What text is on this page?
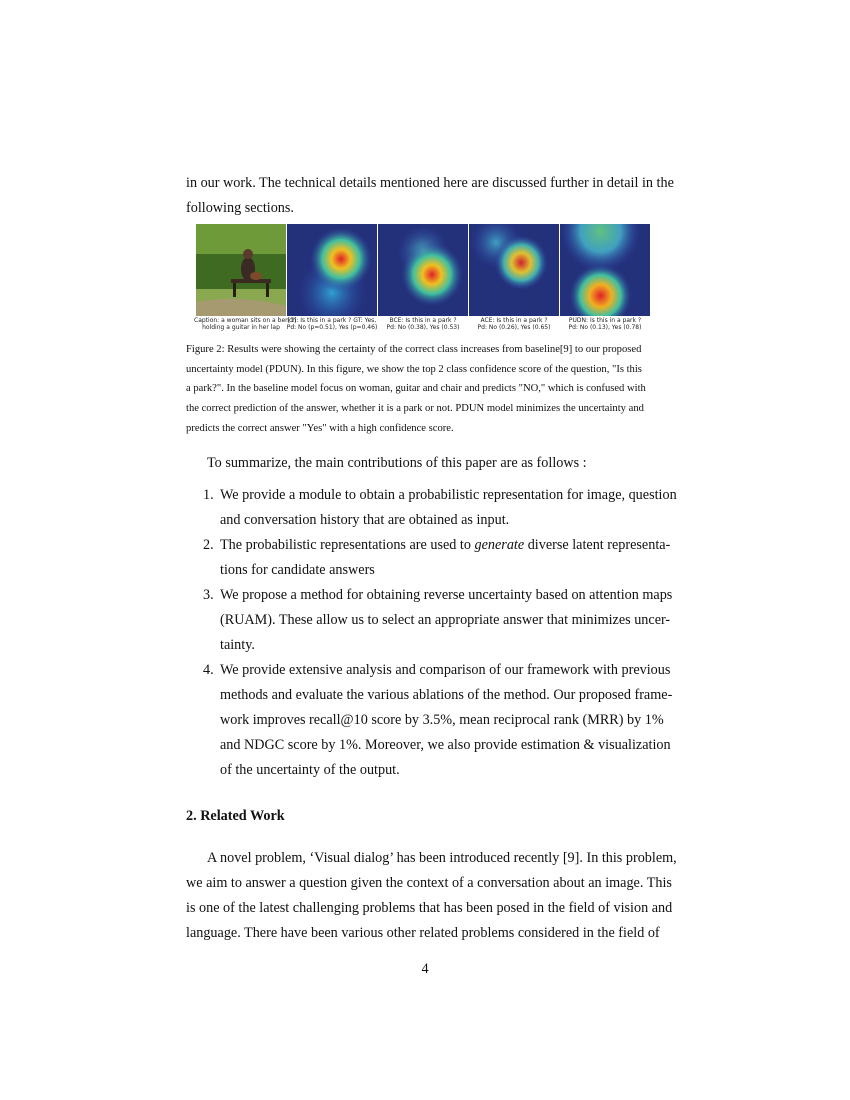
in our work. The technical details mentioned here are discussed further in detail in the
following sections.

Caption: a woman sits on a bench
holding a guitar in her lap
[1]: Is this in a park ? GT: Yes,
Pd: No (p=0.51), Yes (p=0.46)
BCE: Is this in a park ?
Pd: No (0.38), Yes (0.53)
ACE: Is this in a park ?
Pd: No (0.26), Yes (0.65)
PUDN: Is this in a park ?
Pd: No (0.13), Yes (0.78)

Figure 2: Results were showing the certainty of the correct class increases from baseline[9] to our proposed
uncertainty model (PDUN). In this figure, we show the top 2 class confidence score of the question, "Is this
a park?". In the baseline model focus on woman, guitar and chair and predicts "NO," which is confused with
the correct prediction of the answer, whether it is a park or not. PDUN model minimizes the uncertainty and
predicts the correct answer "Yes" with a high confidence score.

To summarize, the main contributions of this paper are as follows :

1. We provide a module to obtain a probabilistic representation for image, question
and conversation history that are obtained as input.
2. The probabilistic representations are used to generate diverse latent representa-
tions for candidate answers
3. We propose a method for obtaining reverse uncertainty based on attention maps
(RUAM). These allow us to select an appropriate answer that minimizes uncer-
tainty.
4. We provide extensive analysis and comparison of our framework with previous
methods and evaluate the various ablations of the method. Our proposed frame-
work improves recall@10 score by 3.5%, mean reciprocal rank (MRR) by 1%
and NDGC score by 1%. Moreover, we also provide estimation & visualization
of the uncertainty of the output.
2. Related Work

A novel problem, ‘Visual dialog’ has been introduced recently [9]. In this problem,
we aim to answer a question given the context of a conversation about an image. This
is one of the latest challenging problems that has been posed in the field of vision and
language. There have been various other related problems considered in the field of

4
